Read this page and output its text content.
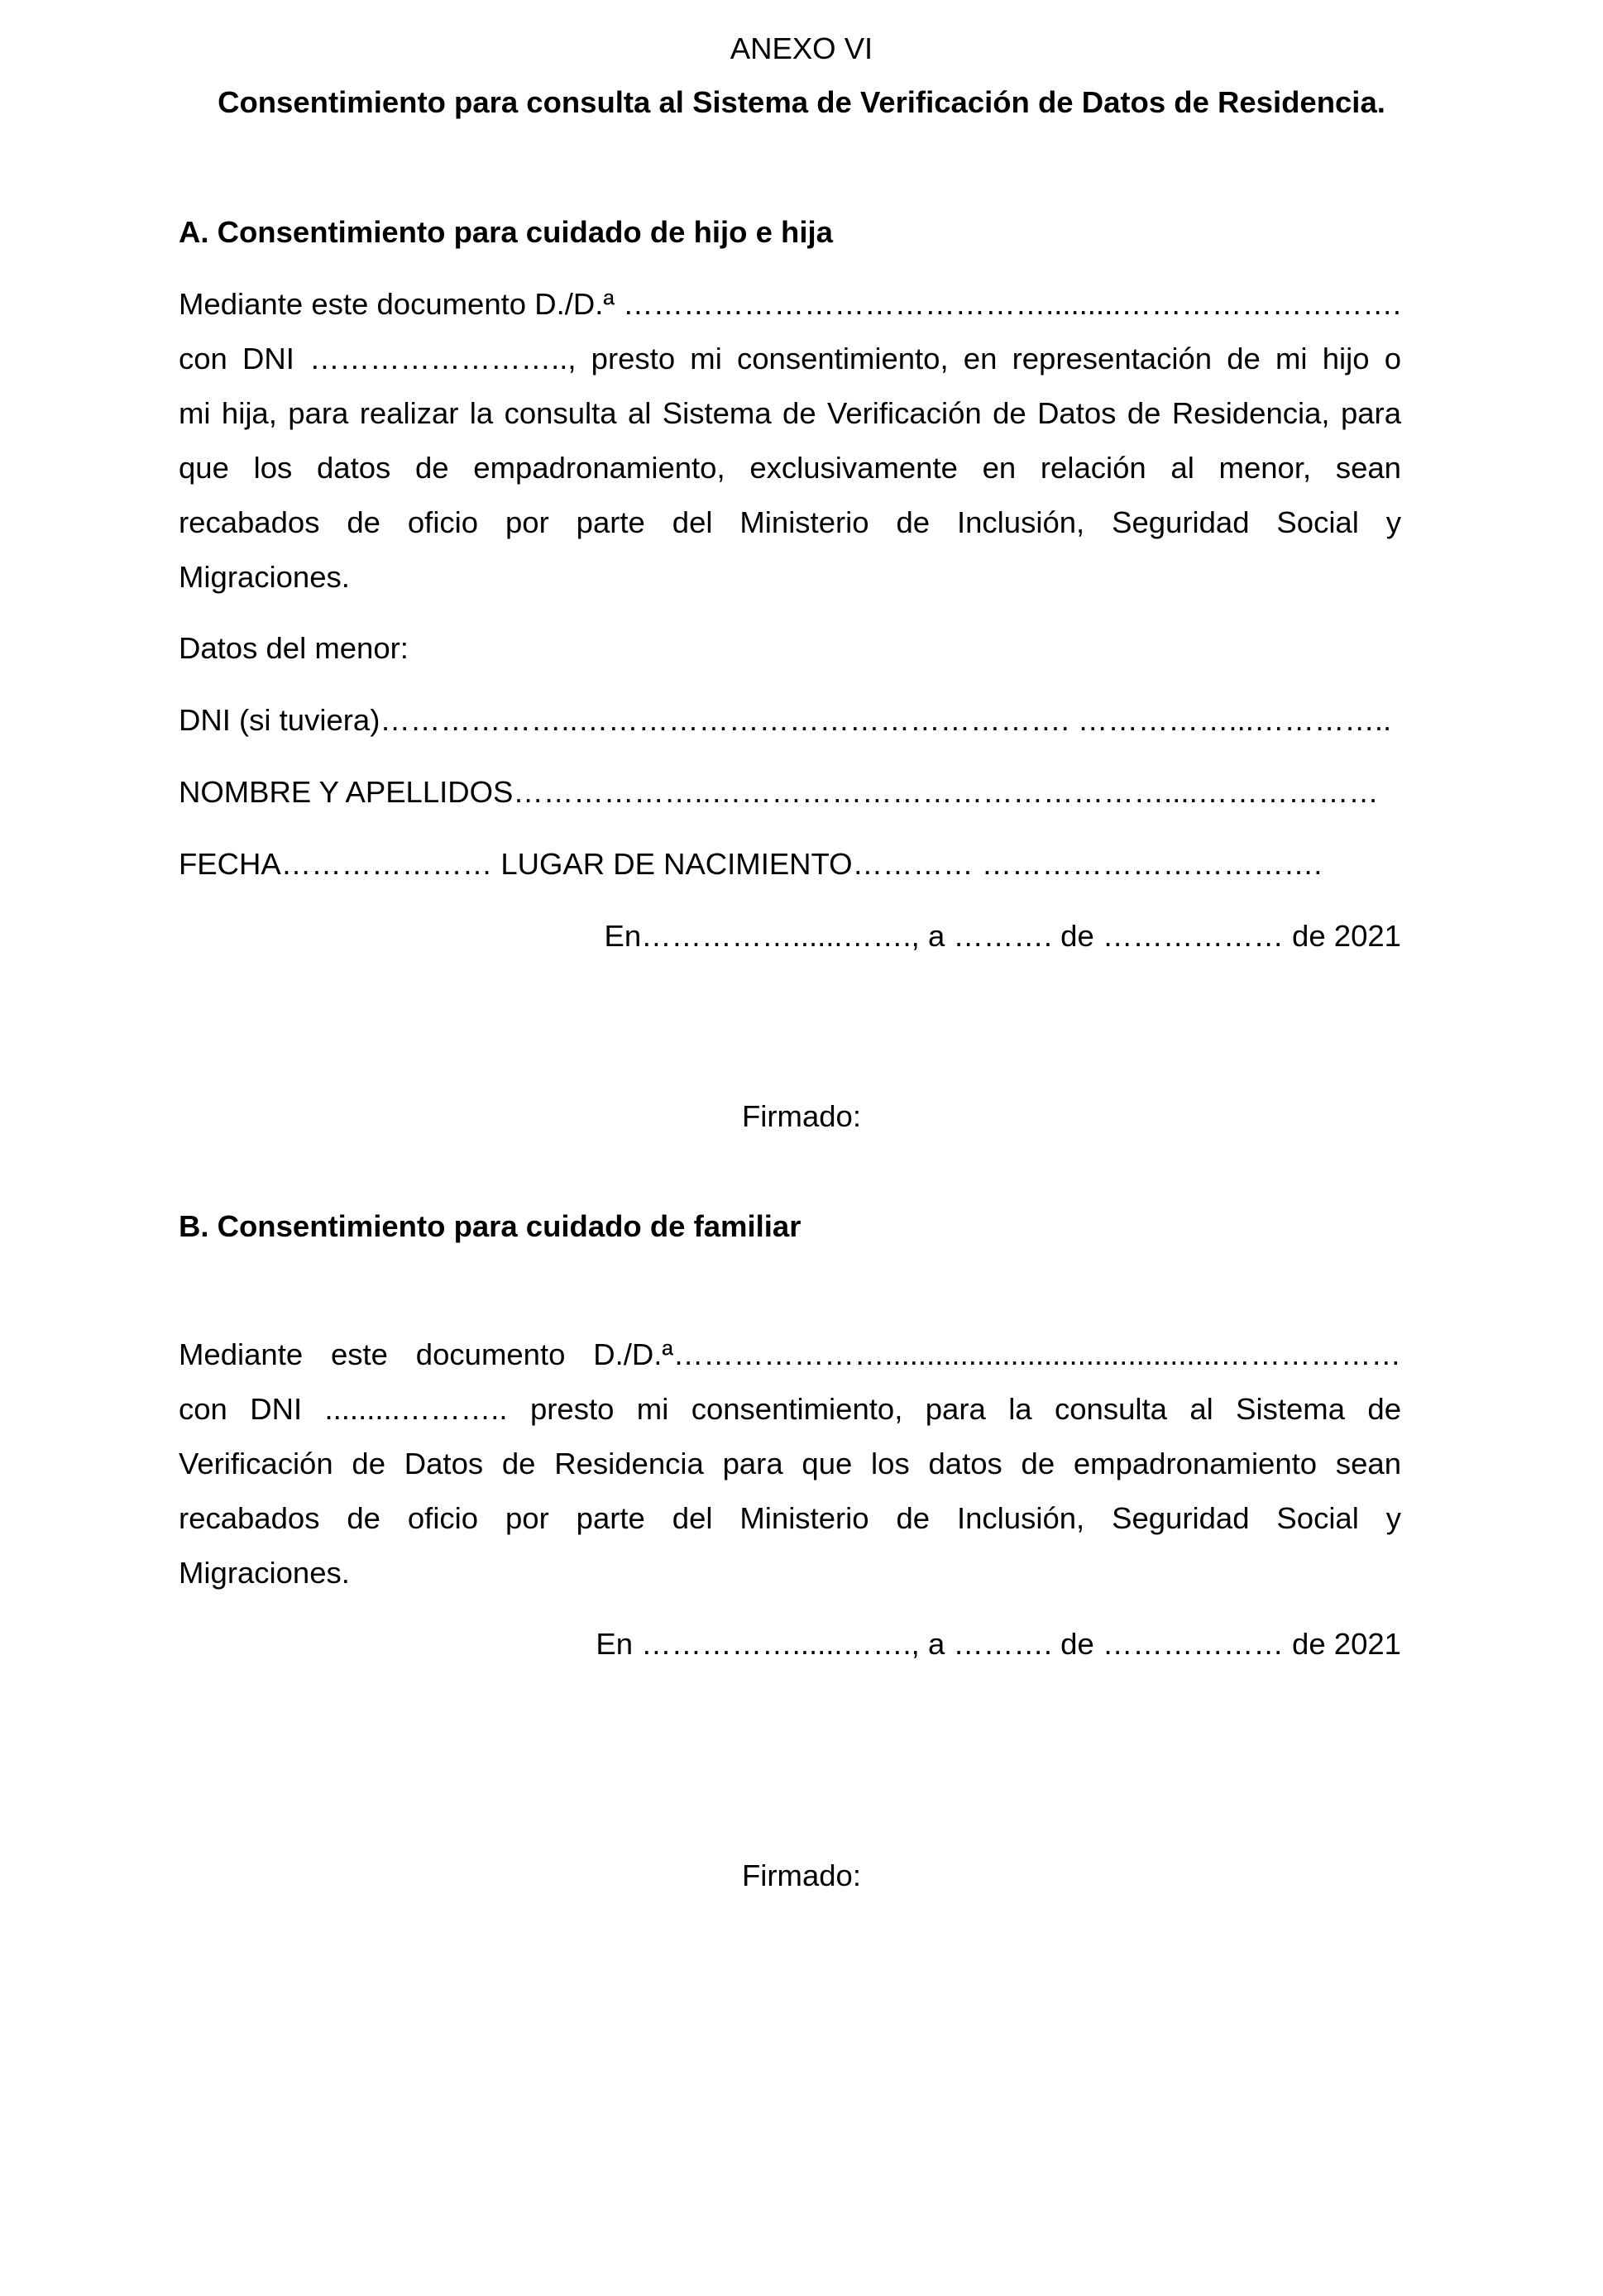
ANEXO VI
Consentimiento para consulta al Sistema de Verificación de Datos de Residencia.
A. Consentimiento para cuidado de hijo e hija
Mediante este documento D./D.ª …………………………………….........……………………….
con DNI …………………….., presto mi consentimiento, en representación de mi hijo o
mi hija, para realizar la consulta al Sistema de Verificación de Datos de Residencia, para
que los datos de empadronamiento, exclusivamente en relación al menor, sean
recabados de oficio por parte del Ministerio de Inclusión, Seguridad Social y
Migraciones.
Datos del menor:
DNI (si tuviera)………………..…………………………………………. ……………...…………..
NOMBRE Y APELLIDOS………………..………………………………………....………………
FECHA………………… LUGAR DE NACIMIENTO………… …………………………….
En……………......……., a ………. de ……………… de 2021
Firmado:
B. Consentimiento para cuidado de familiar
Mediante este documento D./D.ª…………………........................................………………
con DNI .........……….. presto mi consentimiento, para la consulta al Sistema de
Verificación de Datos de Residencia para que los datos de empadronamiento sean
recabados de oficio por parte del Ministerio de Inclusión, Seguridad Social y
Migraciones.
En ……………......……., a ………. de ……………… de 2021
Firmado:
